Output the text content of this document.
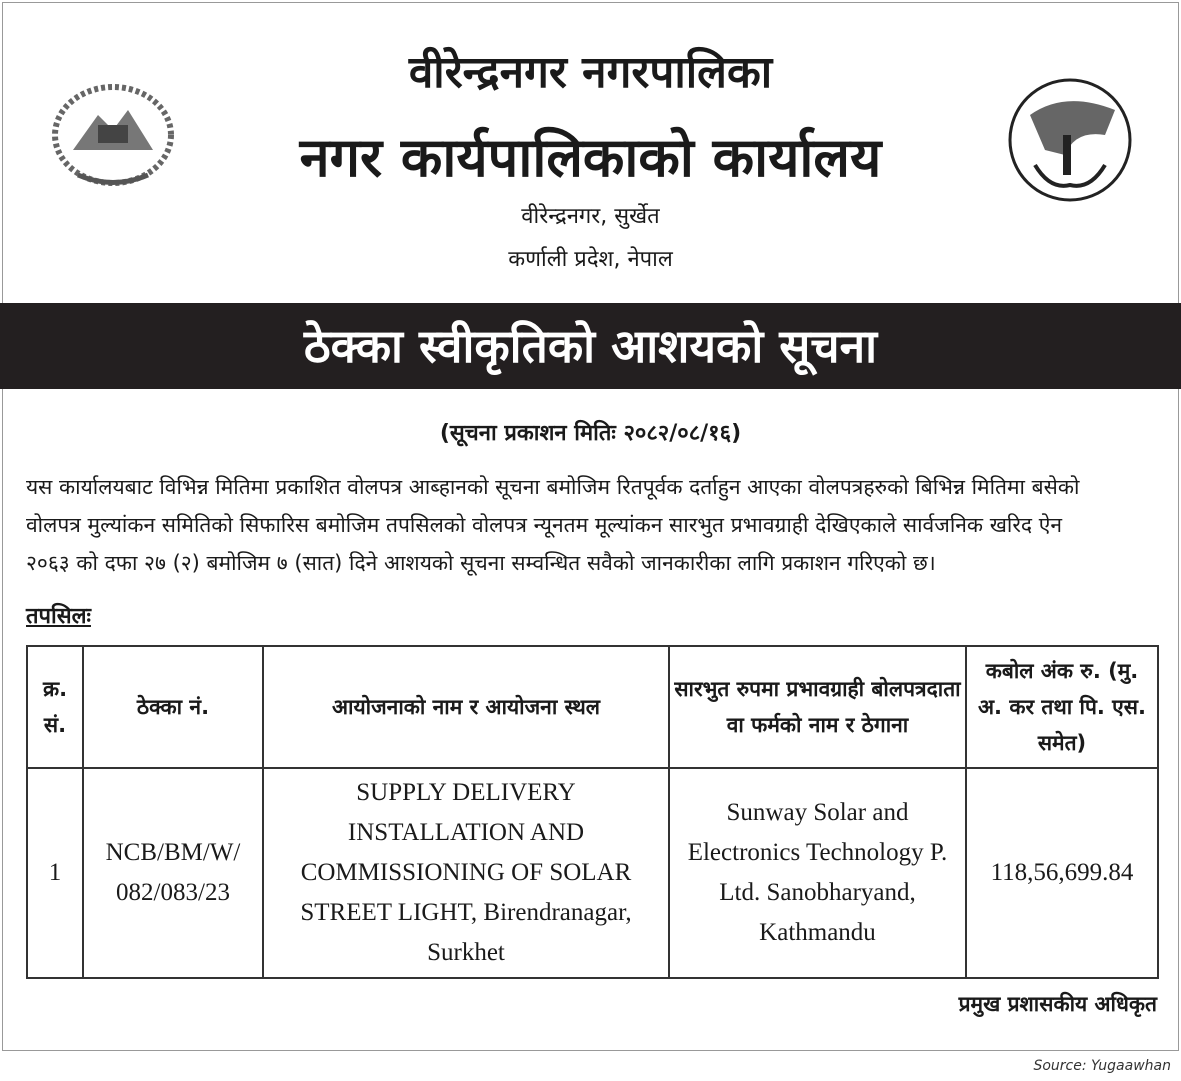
वीरेन्द्रनगर नगरपालिका
नगर कार्यपालिकाको कार्यालय
वीरेन्द्रनगर, सुर्खेत
कर्णाली प्रदेश, नेपाल
ठेक्का स्वीकृतिको आशयको सूचना
(सूचना प्रकाशन मितिः २०८२/०८/१६)
यस कार्यालयबाट विभिन्न मितिमा प्रकाशित वोलपत्र आब्हानको सूचना बमोजिम रितपूर्वक दर्ताहुन आएका वोलपत्रहरुको बिभिन्न मितिमा बसेको
वोलपत्र मुल्यांकन समितिको सिफारिस बमोजिम तपसिलको वोलपत्र न्यूनतम मूल्यांकन सारभुत प्रभावग्राही देखिएकाले सार्वजनिक खरिद ऐन
२०६३ को दफा २७ (२) बमोजिम ७ (सात) दिने आशयको सूचना सम्वन्धित सवैको जानकारीका लागि प्रकाशन गरिएको छ।
तपसिलः
क्र. सं.	ठेक्का नं.	आयोजनाको नाम र आयोजना स्थल	सारभुत रुपमा प्रभावग्राही बोलपत्रदाता वा फर्मको नाम र ठेगाना	कबोल अंक रु. (मु. अ. कर तथा पि. एस. समेत)
1	NCB/BM/W/ 082/083/23	SUPPLY DELIVERY INSTALLATION AND COMMISSIONING OF SOLAR STREET LIGHT, Birendranagar, Surkhet	Sunway Solar and Electronics Technology P. Ltd. Sanobharyand, Kathmandu	118,56,699.84
प्रमुख प्रशासकीय अधिकृत
Source: Yugaawhan
